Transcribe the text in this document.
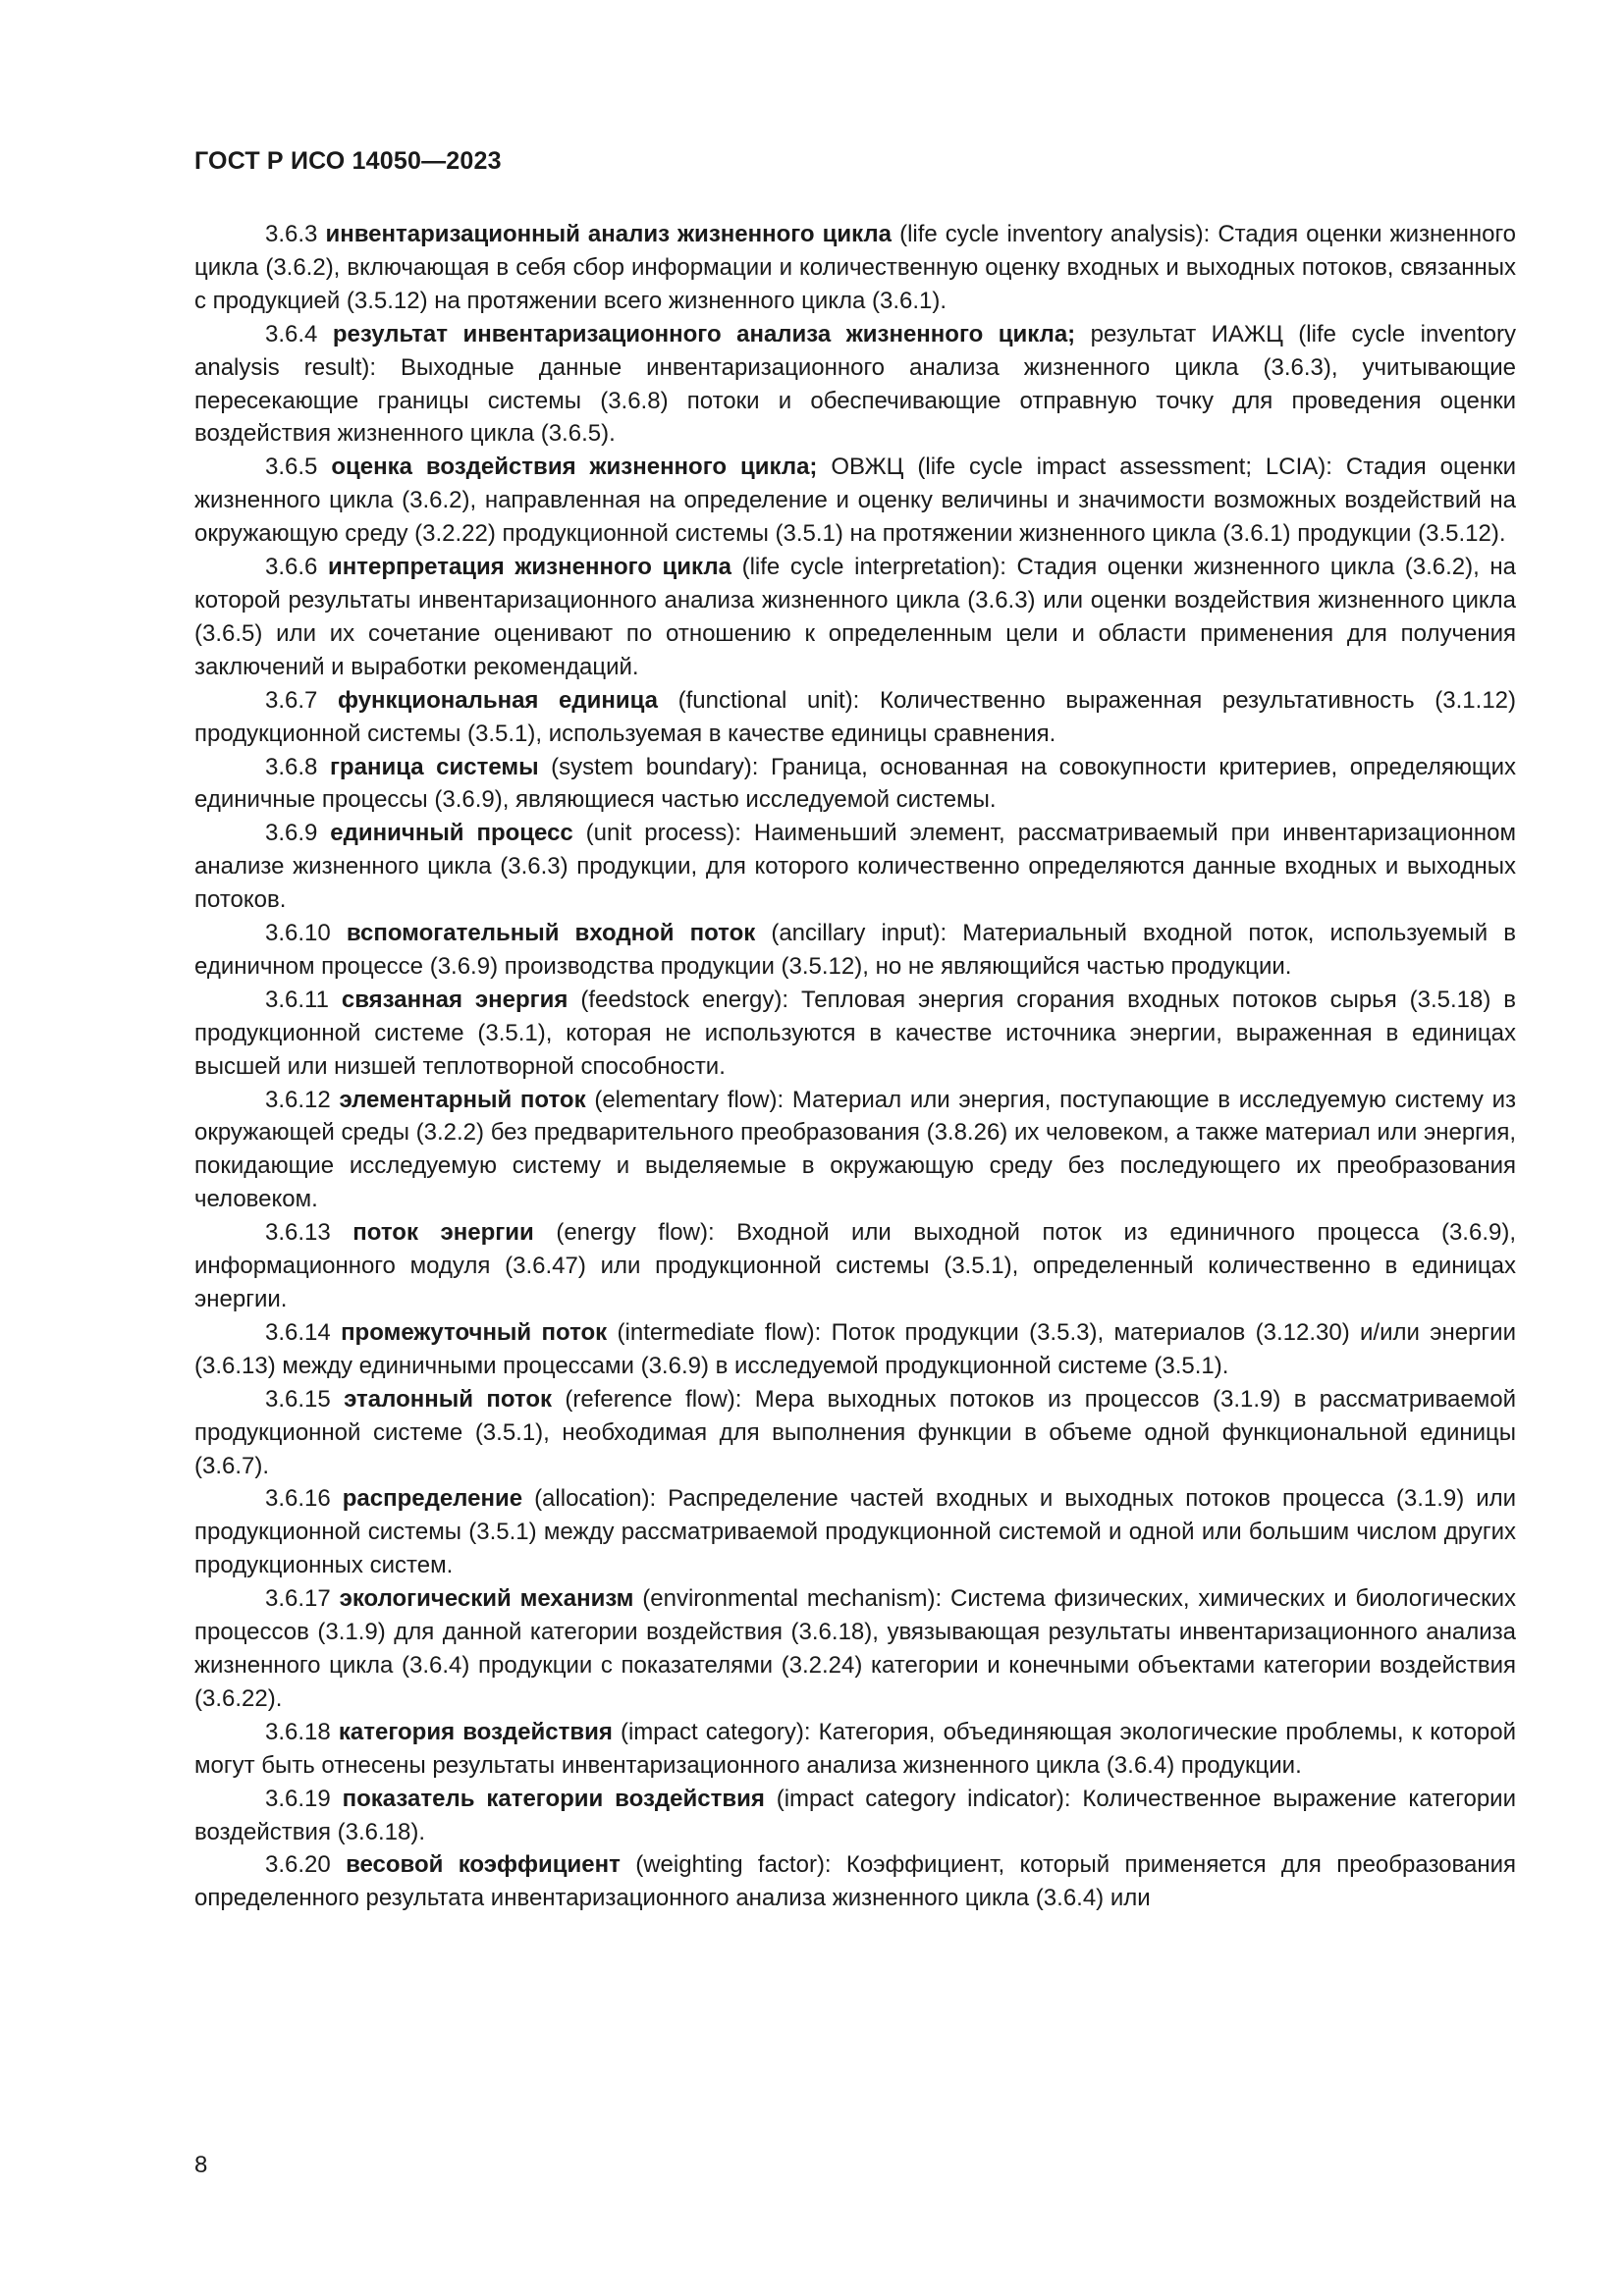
ГОСТ Р ИСО 14050—2023

3.6.3 инвентаризационный анализ жизненного цикла (life cycle inventory analysis): Стадия оценки жизненного цикла (3.6.2), включающая в себя сбор информации и количественную оценку входных и выходных потоков, связанных с продукцией (3.5.12) на протяжении всего жизненного цикла (3.6.1).

3.6.4 результат инвентаризационного анализа жизненного цикла; результат ИАЖЦ (life cycle inventory analysis result): Выходные данные инвентаризационного анализа жизненного цикла (3.6.3), учитывающие пересекающие границы системы (3.6.8) потоки и обеспечивающие отправную точку для проведения оценки воздействия жизненного цикла (3.6.5).

3.6.5 оценка воздействия жизненного цикла; ОВЖЦ (life cycle impact assessment; LCIA): Стадия оценки жизненного цикла (3.6.2), направленная на определение и оценку величины и значимости возможных воздействий на окружающую среду (3.2.22) продукционной системы (3.5.1) на протяжении жизненного цикла (3.6.1) продукции (3.5.12).

3.6.6 интерпретация жизненного цикла (life cycle interpretation): Стадия оценки жизненного цикла (3.6.2), на которой результаты инвентаризационного анализа жизненного цикла (3.6.3) или оценки воздействия жизненного цикла (3.6.5) или их сочетание оценивают по отношению к определенным цели и области применения для получения заключений и выработки рекомендаций.

3.6.7 функциональная единица (functional unit): Количественно выраженная результативность (3.1.12) продукционной системы (3.5.1), используемая в качестве единицы сравнения.

3.6.8 граница системы (system boundary): Граница, основанная на совокупности критериев, определяющих единичные процессы (3.6.9), являющиеся частью исследуемой системы.

3.6.9 единичный процесс (unit process): Наименьший элемент, рассматриваемый при инвентаризационном анализе жизненного цикла (3.6.3) продукции, для которого количественно определяются данные входных и выходных потоков.

3.6.10 вспомогательный входной поток (ancillary input): Материальный входной поток, используемый в единичном процессе (3.6.9) производства продукции (3.5.12), но не являющийся частью продукции.

3.6.11 связанная энергия (feedstock energy): Тепловая энергия сгорания входных потоков сырья (3.5.18) в продукционной системе (3.5.1), которая не используются в качестве источника энергии, выраженная в единицах высшей или низшей теплотворной способности.

3.6.12 элементарный поток (elementary flow): Материал или энергия, поступающие в исследуемую систему из окружающей среды (3.2.2) без предварительного преобразования (3.8.26) их человеком, а также материал или энергия, покидающие исследуемую систему и выделяемые в окружающую среду без последующего их преобразования человеком.

3.6.13 поток энергии (energy flow): Входной или выходной поток из единичного процесса (3.6.9), информационного модуля (3.6.47) или продукционной системы (3.5.1), определенный количественно в единицах энергии.

3.6.14 промежуточный поток (intermediate flow): Поток продукции (3.5.3), материалов (3.12.30) и/или энергии (3.6.13) между единичными процессами (3.6.9) в исследуемой продукционной системе (3.5.1).

3.6.15 эталонный поток (reference flow): Мера выходных потоков из процессов (3.1.9) в рассматриваемой продукционной системе (3.5.1), необходимая для выполнения функции в объеме одной функциональной единицы (3.6.7).

3.6.16 распределение (allocation): Распределение частей входных и выходных потоков процесса (3.1.9) или продукционной системы (3.5.1) между рассматриваемой продукционной системой и одной или большим числом других продукционных систем.

3.6.17 экологический механизм (environmental mechanism): Система физических, химических и биологических процессов (3.1.9) для данной категории воздействия (3.6.18), увязывающая результаты инвентаризационного анализа жизненного цикла (3.6.4) продукции с показателями (3.2.24) категории и конечными объектами категории воздействия (3.6.22).

3.6.18 категория воздействия (impact category): Категория, объединяющая экологические проблемы, к которой могут быть отнесены результаты инвентаризационного анализа жизненного цикла (3.6.4) продукции.

3.6.19 показатель категории воздействия (impact category indicator): Количественное выражение категории воздействия (3.6.18).

3.6.20 весовой коэффициент (weighting factor): Коэффициент, который применяется для преобразования определенного результата инвентаризационного анализа жизненного цикла (3.6.4) или

8
